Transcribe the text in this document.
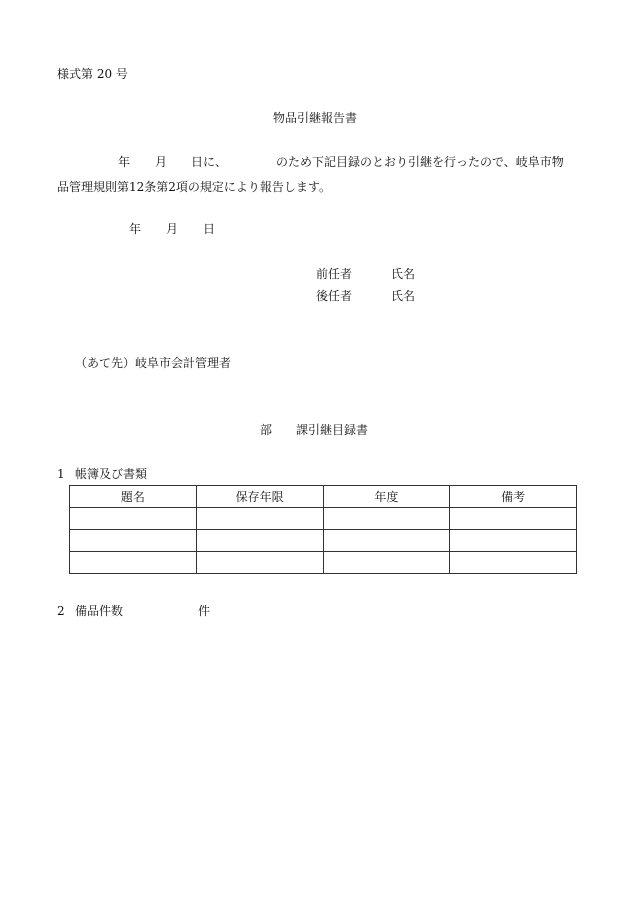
様式第 20 号
物品引継報告書
年 月 日に、	のため下記目録のとおり引継を行ったので、岐阜市物
品管理規則第12条第2項の規定により報告します。
年 月 日
前任者	氏名
後任者	氏名
（あて先）岐阜市会計管理者
部 課引継目録書
1 帳簿及び書類
題名	保存年限	年度	備考

2 備品件数	件
